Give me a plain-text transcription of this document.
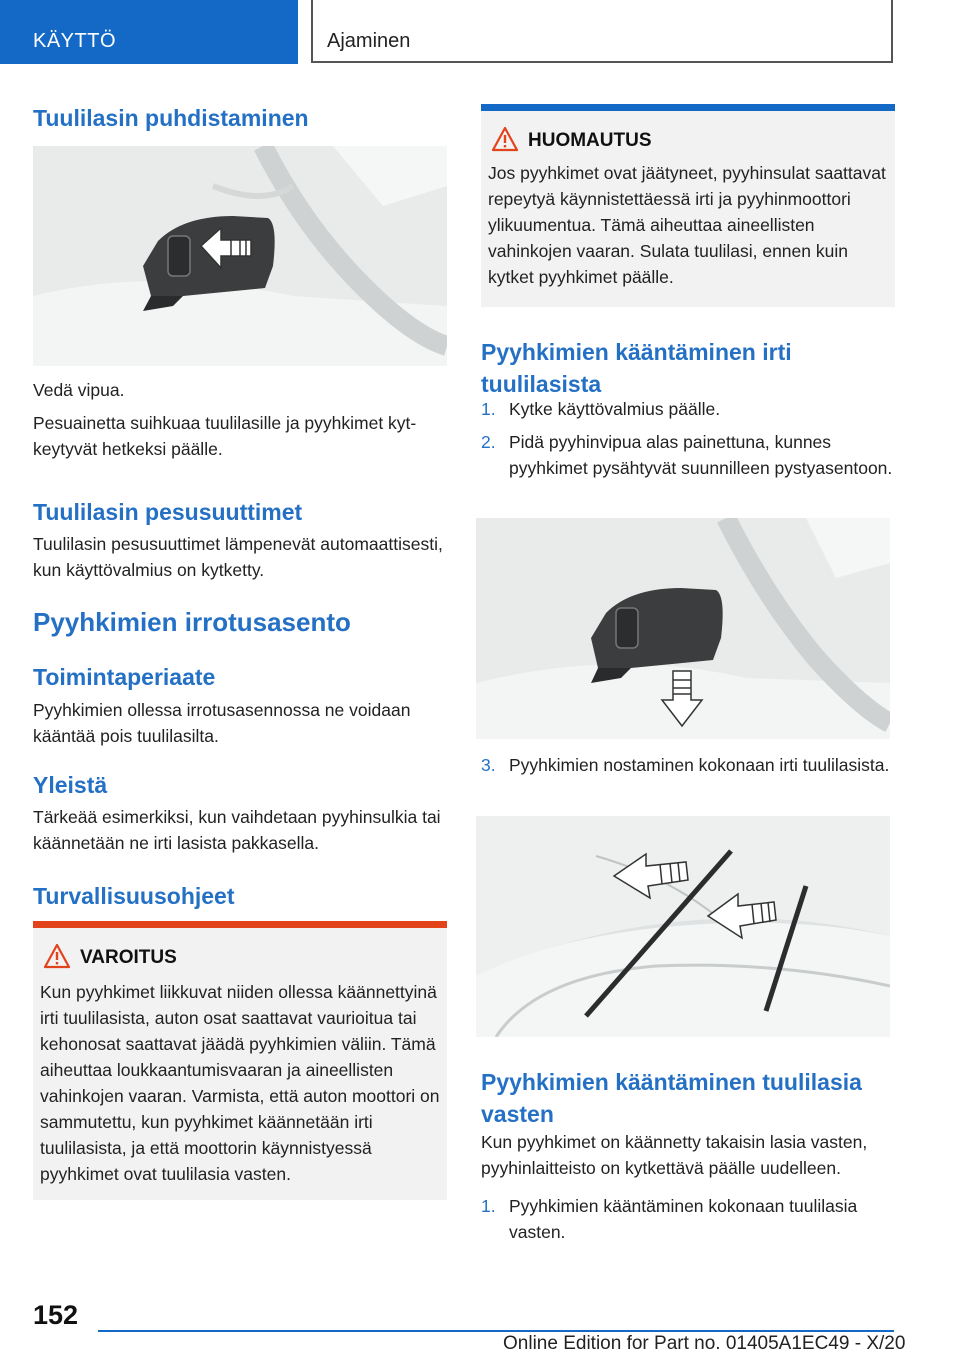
KÄYTTÖ	Ajaminen
Tuulilasin puhdistaminen

Vedä vipua.

Pesuainetta suihkuaa tuulilasille ja pyyhkimet kytkeytyvät hetkeksi päälle.

Tuulilasin pesusuuttimet

Tuulilasin pesusuuttimet lämpenevät automaattisesti, kun käyttövalmius on kytketty.

Pyyhkimien irrotusasento
Toimintaperiaate

Pyyhkimien ollessa irrotusasennossa ne voidaan kääntää pois tuulilasilta.

Yleistä

Tärkeää esimerkiksi, kun vaihdetaan pyyhinsulkia tai käännetään ne irti lasista pakkasella.

Turvallisuusohjeet
VAROITUS
Kun pyyhkimet liikkuvat niiden ollessa käännettyinä irti tuulilasista, auton osat saattavat vaurioitua tai kehonosat saattavat jäädä pyyhkimien väliin. Tämä aiheuttaa loukkaantumisvaaran ja aineellisten vahinkojen vaaran. Varmista, että auton moottori on sammutettu, kun pyyhkimet käännetään irti tuulilasista, ja että moottorin käynnistyessä pyyhkimet ovat tuulilasia vasten.
HUOMAUTUS
Jos pyyhkimet ovat jäätyneet, pyyhinsulat saattavat repeytyä käynnistettäessä irti ja pyyhinmoottori ylikuumentua. Tämä aiheuttaa aineellisten vahinkojen vaaran. Sulata tuulilasi, ennen kuin kytket pyyhkimet päälle.
Pyyhkimien kääntäminen irti tuulilasista
1. Kytke käyttövalmius päälle.
2. Pidä pyyhinvipua alas painettuna, kunnes pyyhkimet pysähtyvät suunnilleen pystyasentoon.
3. Pyyhkimien nostaminen kokonaan irti tuulilasista.
Pyyhkimien kääntäminen tuulilasia vasten

Kun pyyhkimet on käännetty takaisin lasia vasten, pyyhinlaitteisto on kytkettävä päälle uudelleen.

1. Pyyhkimien kääntäminen kokonaan tuulilasia vasten.
152
Online Edition for Part no. 01405A1EC49 - X/20
